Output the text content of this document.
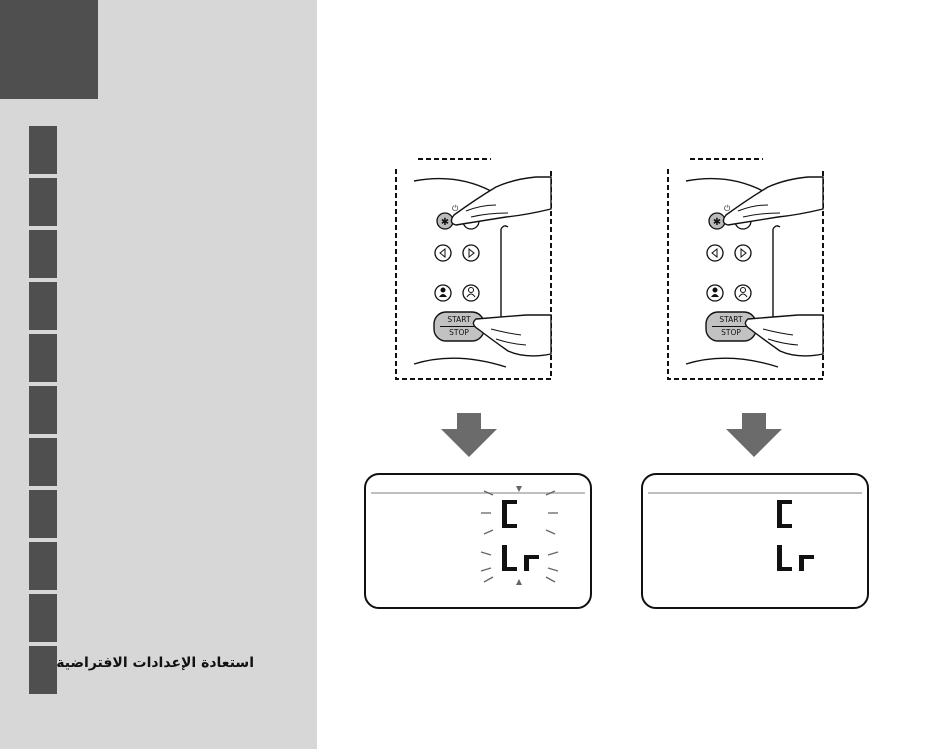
استعادة الإعدادات الافتراضية
✱
⏻
START
STOP
START
STOP
